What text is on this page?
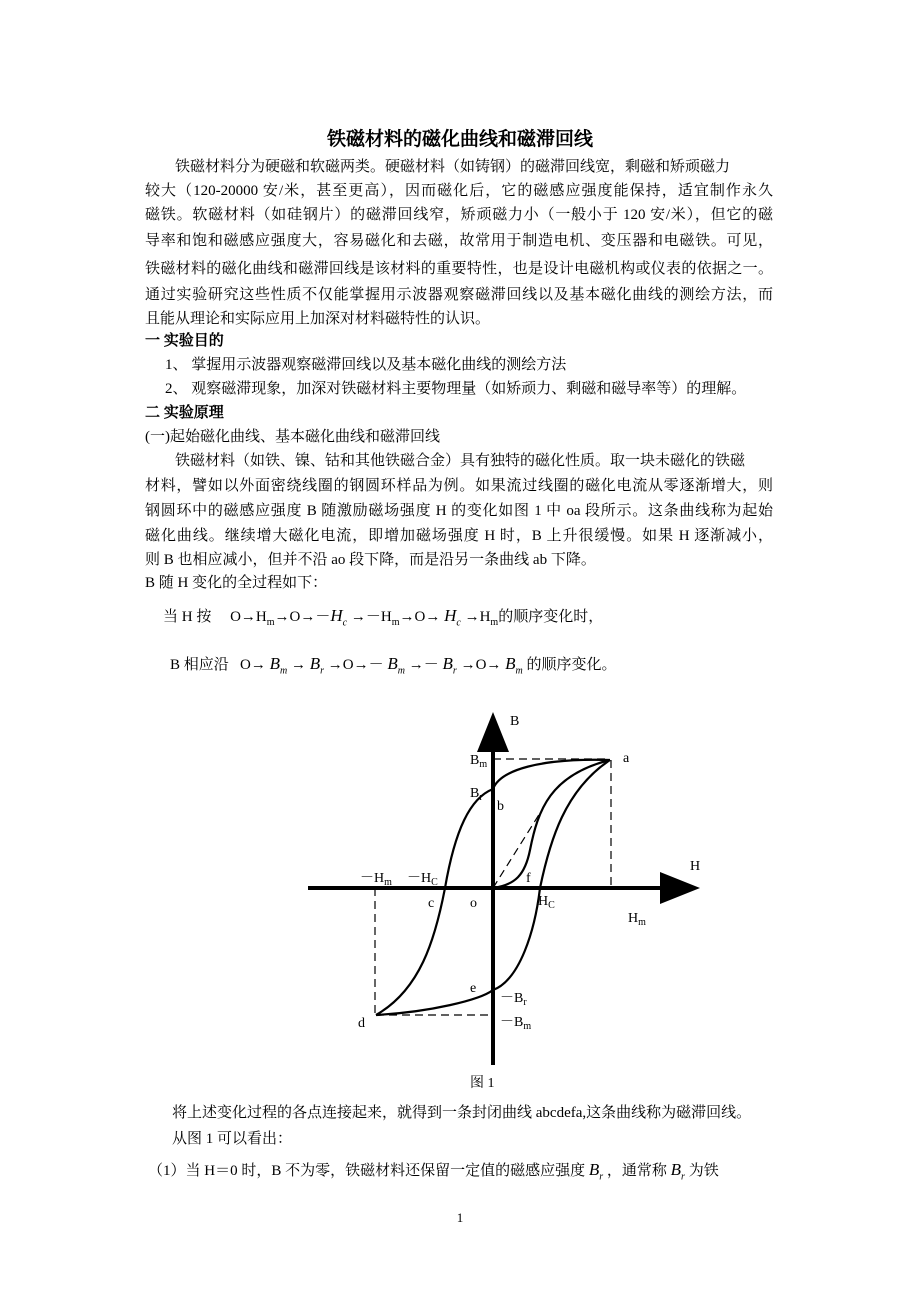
铁磁材料的磁化曲线和磁滞回线
铁磁材料分为硬磁和软磁两类。硬磁材料（如铸钢）的磁滞回线宽，剩磁和矫顽磁力
较大（120-20000 安/米，甚至更高），因而磁化后，它的磁感应强度能保持，适宜制作永久
磁铁。软磁材料（如硅钢片）的磁滞回线窄，矫顽磁力小（一般小于 120 安/米），但它的磁
导率和饱和磁感应强度大，容易磁化和去磁，故常用于制造电机、变压器和电磁铁。可见，
铁磁材料的磁化曲线和磁滞回线是该材料的重要特性，也是设计电磁机构或仪表的依据之一。
通过实验研究这些性质不仅能掌握用示波器观察磁滞回线以及基本磁化曲线的测绘方法，而
且能从理论和实际应用上加深对材料磁特性的认识。
一 实验目的
1、 掌握用示波器观察磁滞回线以及基本磁化曲线的测绘方法
2、 观察磁滞现象，加深对铁磁材料主要物理量（如矫顽力、剩磁和磁导率等）的理解。
二 实验原理
(一)起始磁化曲线、基本磁化曲线和磁滞回线
铁磁材料（如铁、镍、钴和其他铁磁合金）具有独特的磁化性质。取一块未磁化的铁磁
材料，譬如以外面密绕线圈的钢圆环样品为例。如果流过线圈的磁化电流从零逐渐增大，则
钢圆环中的磁感应强度 B 随激励磁场强度 H 的变化如图 1 中 oa 段所示。这条曲线称为起始
磁化曲线。继续增大磁化电流，即增加磁场强度 H 时，B 上升很缓慢。如果 H 逐渐减小，
则 B 也相应减小，但并不沿 ao 段下降，而是沿另一条曲线 ab 下降。
B 随 H 变化的全过程如下：
当 H 按     $O\to H_m\to O\to-H_c \to-H_m\to O\to H_c \to H_m$的顺序变化时，
B 相应沿   $O\to B_m \to B_r \to O\to- B_m \to- B_r \to O\to B_m$ 的顺序变化。
B
H
$B_m$
$B_r$
a
b
c
d
e
f
o
$-H_m -H_C$
$H_C$
$H_m$
$-B_r$
$-B_m$
图 1
将上述变化过程的各点连接起来，就得到一条封闭曲线 abcdefa,这条曲线称为磁滞回线。
从图 1 可以看出：
（1）当 H＝0 时，B 不为零，铁磁材料还保留一定值的磁感应强度 $B_r$ ，通常称 $B_r$ 为铁
1
